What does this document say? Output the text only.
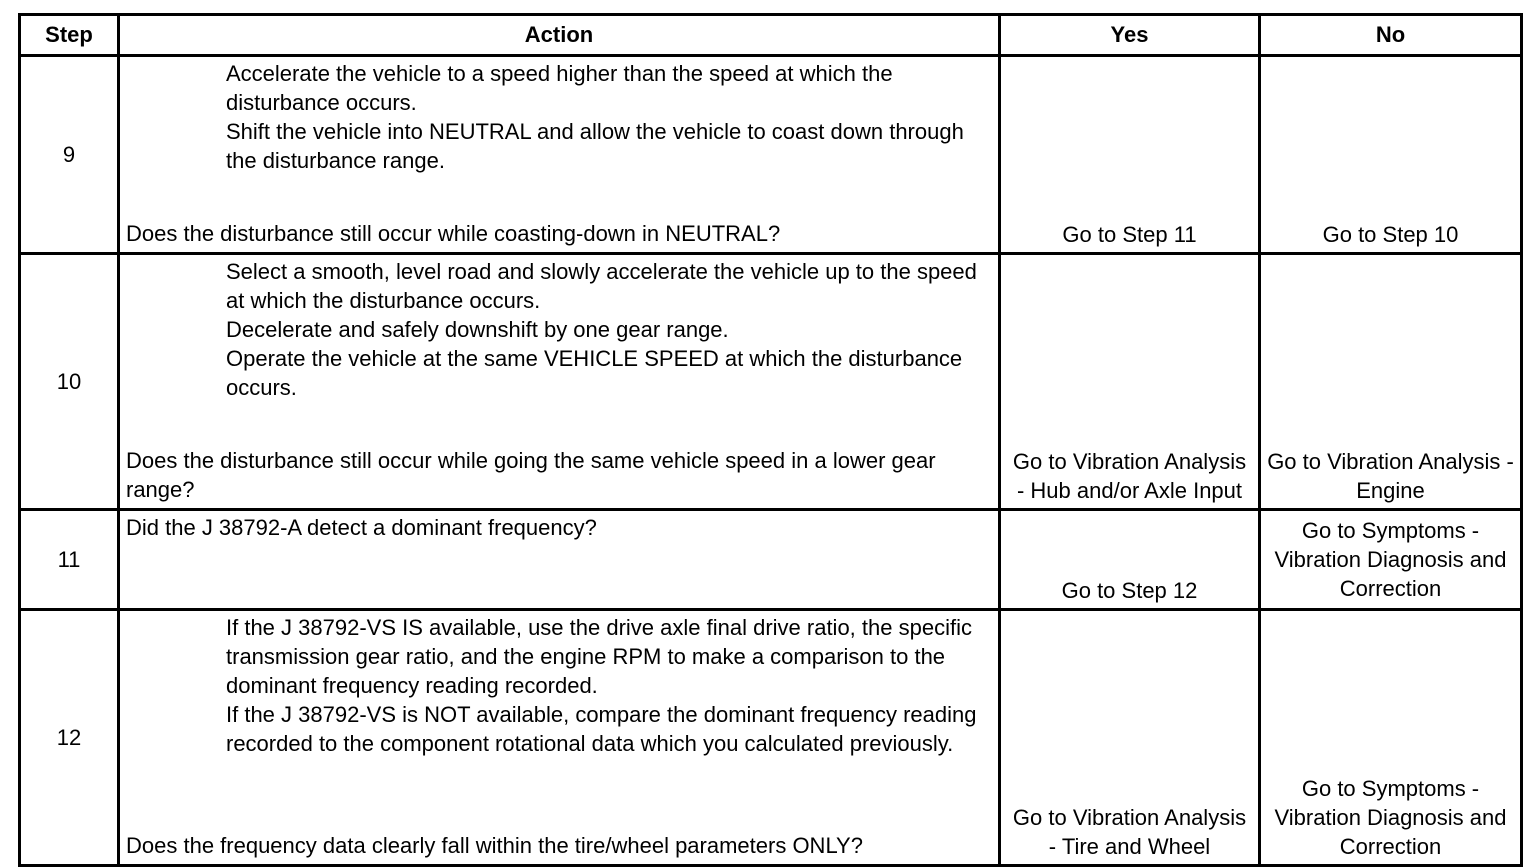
Step	Action	Yes	No
9	Accelerate the vehicle to a speed higher than the speed at which the disturbance occurs.
Shift the vehicle into NEUTRAL and allow the vehicle to coast down through the disturbance range.
Does the disturbance still occur while coasting-down in NEUTRAL?	Go to Step 11	Go to Step 10
10	Select a smooth, level road and slowly accelerate the vehicle up to the speed at which the disturbance occurs.
Decelerate and safely downshift by one gear range.
Operate the vehicle at the same VEHICLE SPEED at which the disturbance occurs.
Does the disturbance still occur while going the same vehicle speed in a lower gear range?	Go to Vibration Analysis - Hub and/or Axle Input	Go to Vibration Analysis - Engine
11	Did the J 38792-A detect a dominant frequency?	Go to Step 12	Go to Symptoms - Vibration Diagnosis and Correction
12	If the J 38792-VS IS available, use the drive axle final drive ratio, the specific transmission gear ratio, and the engine RPM to make a comparison to the dominant frequency reading recorded.
If the J 38792-VS is NOT available, compare the dominant frequency reading recorded to the component rotational data which you calculated previously.
Does the frequency data clearly fall within the tire/wheel parameters ONLY?	Go to Vibration Analysis - Tire and Wheel	Go to Symptoms - Vibration Diagnosis and Correction
